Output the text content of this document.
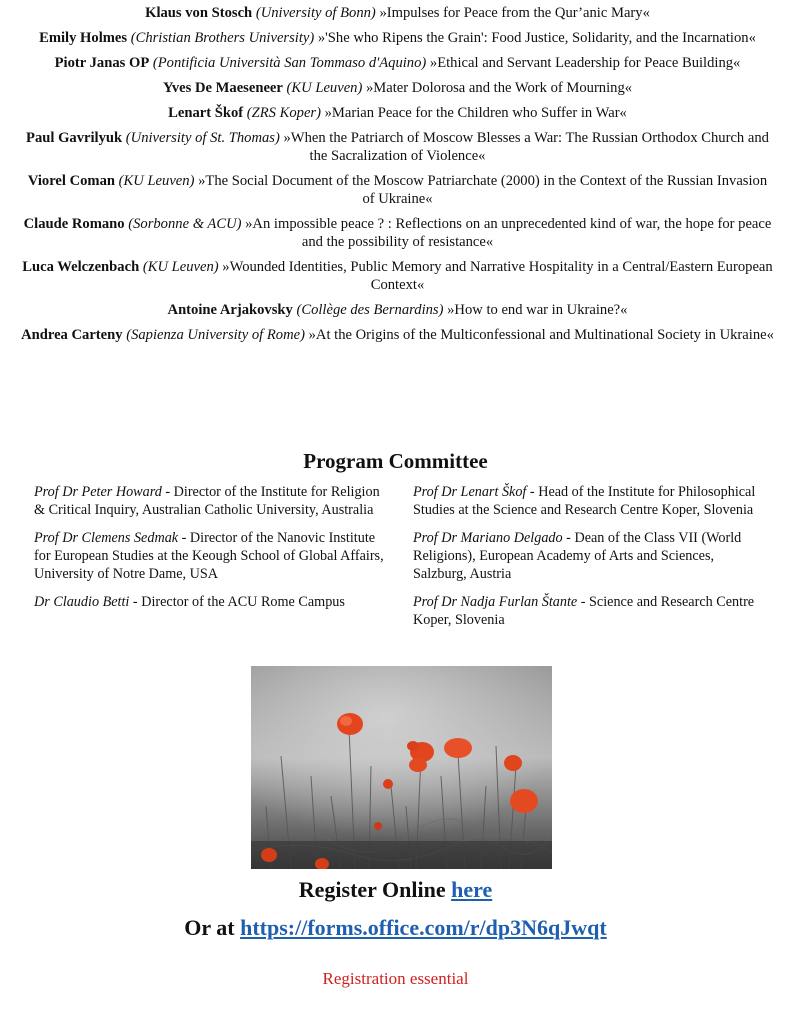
Klaus von Stosch (University of Bonn) »Impulses for Peace from the Qur’anic Mary«

Emily Holmes (Christian Brothers University) »'She who Ripens the Grain': Food Justice, Solidarity, and the Incarnation«

Piotr Janas OP (Pontificia Università San Tommaso d'Aquino) »Ethical and Servant Leadership for Peace Building«

Yves De Maeseneer (KU Leuven) »Mater Dolorosa and the Work of Mourning«

Lenart Škof (ZRS Koper) »Marian Peace for the Children who Suffer in War«

Paul Gavrilyuk (University of St. Thomas) »When the Patriarch of Moscow Blesses a War: The Russian Orthodox Church and the Sacralization of Violence«

Viorel Coman (KU Leuven) »The Social Document of the Moscow Patriarchate (2000) in the Context of the Russian Invasion of Ukraine«

Claude Romano (Sorbonne & ACU) »An impossible peace ? : Reflections on an unprecedented kind of war, the hope for peace and the possibility of resistance«

Luca Welczenbach (KU Leuven) »Wounded Identities, Public Memory and Narrative Hospitality in a Central/Eastern European Context«

Antoine Arjakovsky (Collège des Bernardins) »How to end war in Ukraine?«

Andrea Carteny (Sapienza University of Rome) »At the Origins of the Multiconfessional and Multinational Society in Ukraine«

Program Committee

Prof Dr Peter Howard - Director of the Institute for Religion & Critical Inquiry, Australian Catholic University, Australia

Prof Dr Clemens Sedmak - Director of the Nanovic Institute for European Studies at the Keough School of Global Affairs, University of Notre Dame, USA

Dr Claudio Betti - Director of the ACU Rome Campus

Prof Dr Lenart Škof - Head of the Institute for Philosophical Studies at the Science and Research Centre Koper, Slovenia

Prof Dr Mariano Delgado - Dean of the Class VII (World Religions), European Academy of Arts and Sciences, Salzburg, Austria

Prof Dr Nadja Furlan Štante - Science and Research Centre Koper, Slovenia

Register Online here

Or at https://forms.office.com/r/dp3N6qJwqt

Registration essential
